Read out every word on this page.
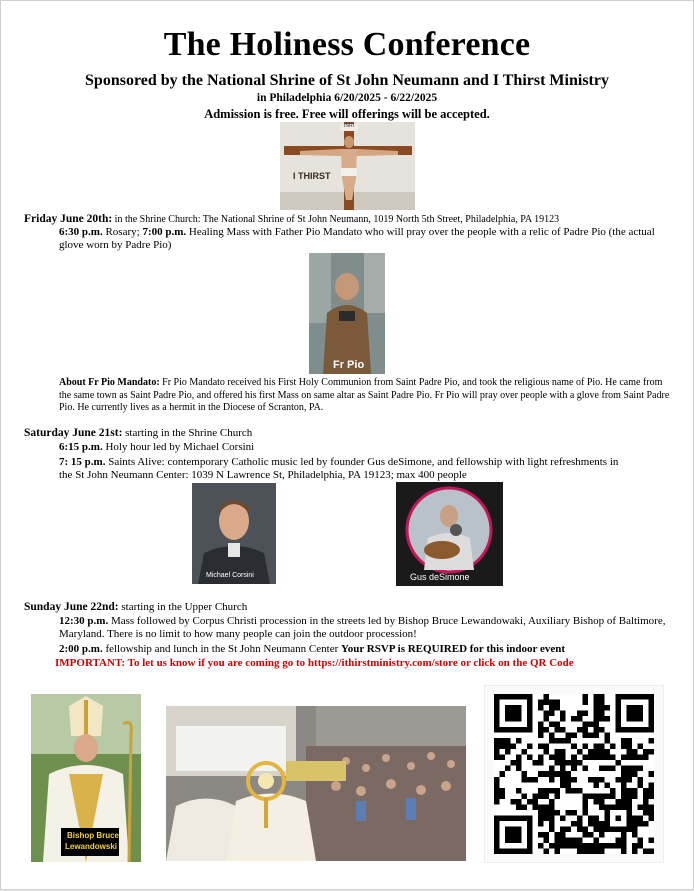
The Holiness Conference
Sponsored by the National Shrine of St John Neumann and I Thirst Ministry
in Philadelphia 6/20/2025 - 6/22/2025
Admission is free. Free will offerings will be accepted.
INRI
I THIRST
Friday June 20th: in the Shrine Church: The National Shrine of St John Neumann, 1019 North 5th Street, Philadelphia, PA 19123
6:30 p.m. Rosary; 7:00 p.m. Healing Mass with Father Pio Mandato who will pray over the people with a relic of Padre Pio (the actual glove worn by Padre Pio)
Fr Pio
About Fr Pio Mandato: Fr Pio Mandato received his First Holy Communion from Saint Padre Pio, and took the religious name of Pio. He came from the same town as Saint Padre Pio, and offered his first Mass on same altar as Saint Padre Pio. Fr Pio will pray over people with a glove from Saint Padre Pio. He currently lives as a hermit in the Diocese of Scranton, PA.
Saturday June 21st: starting in the Shrine Church
6:15 p.m. Holy hour led by Michael Corsini
7: 15 p.m. Saints Alive: contemporary Catholic music led by founder Gus deSimone, and fellowship with light refreshments in the St John Neumann Center: 1039 N Lawrence St, Philadelphia, PA 19123; max 400 people
Michael Corsini	Gus deSimone
Sunday June 22nd: starting in the Upper Church
12:30 p.m. Mass followed by Corpus Christi procession in the streets led by Bishop Bruce Lewandowaki, Auxiliary Bishop of Baltimore, Maryland. There is no limit to how many people can join the outdoor procession!
2:00 p.m. fellowship and lunch in the St John Neumann Center Your RSVP is REQUIRED for this indoor event
IMPORTANT: To let us know if you are coming go to https://ithirstministry.com/store or click on the QR Code
Bishop Bruce
Lewandowski
